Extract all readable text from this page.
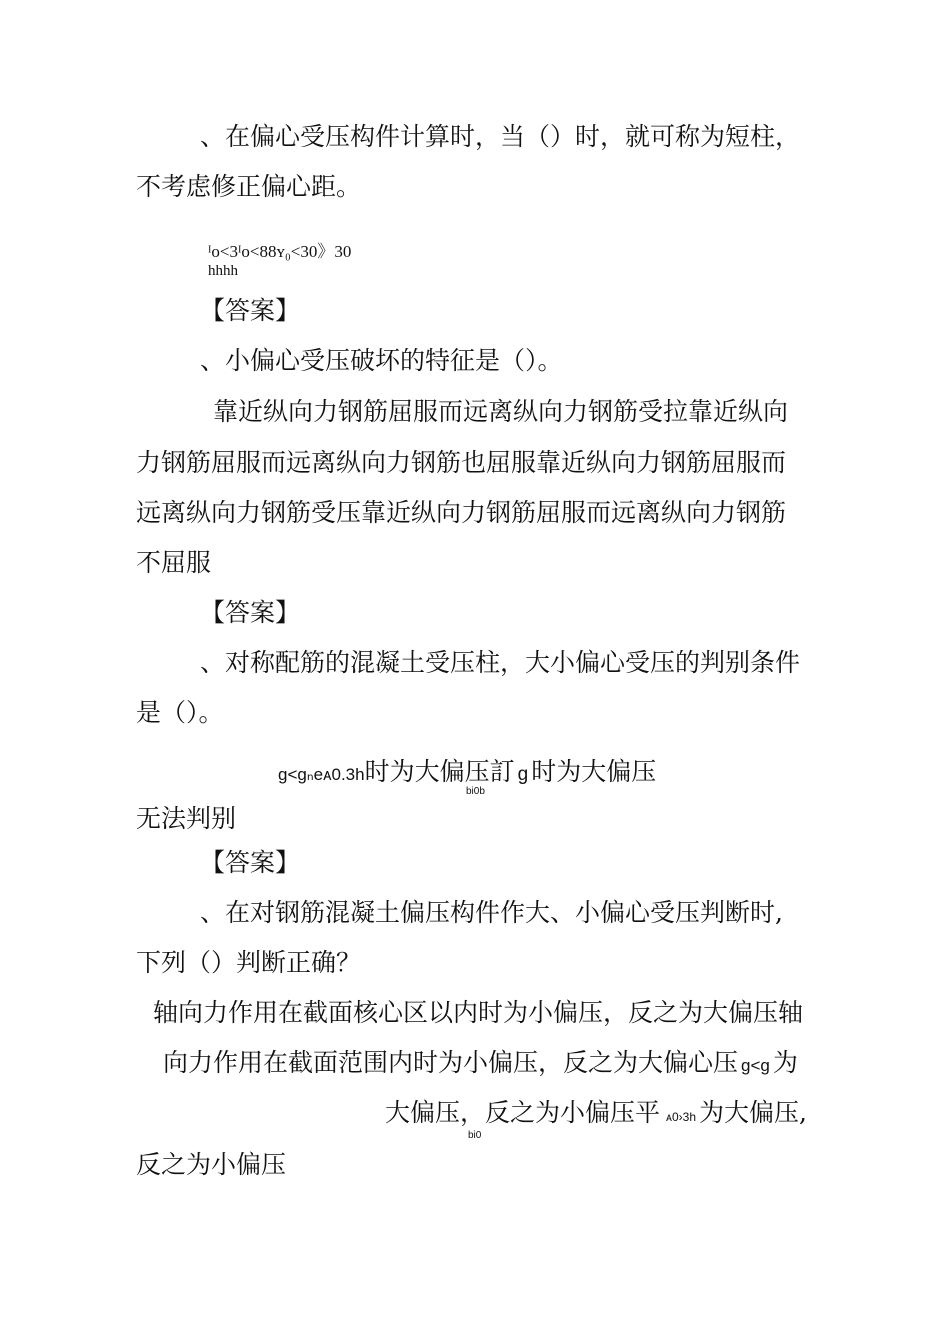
、在偏心受压构件计算时，当（）时，就可称为短柱，
不考虑修正偏心距。
ᴵo<3ᴵo<88ʏ₀<30》30
hhhh
【答案】
、小偏心受压破坏的特征是（）。
靠近纵向力钢筋屈服而远离纵向力钢筋受拉靠近纵向
力钢筋屈服而远离纵向力钢筋也屈服靠近纵向力钢筋屈服而
远离纵向力钢筋受压靠近纵向力钢筋屈服而远离纵向力钢筋
不屈服
【答案】
、对称配筋的混凝土受压柱，大小偏心受压的判别条件
是（）。
g<gₙeᴀ0.3h时为大偏压訂 g 时为大偏压
bi0b
无法判别
【答案】
、在对钢筋混凝土偏压构件作大、小偏心受压判断时,
下列（）判断正确？
轴向力作用在截面核心区以内时为小偏压，反之为大偏压轴
向力作用在截面范围内时为小偏压，反之为大偏心压 g<g 为
大偏压，反之为小偏压平 ᴀ0›3h 为大偏压,
bi0
反之为小偏压
